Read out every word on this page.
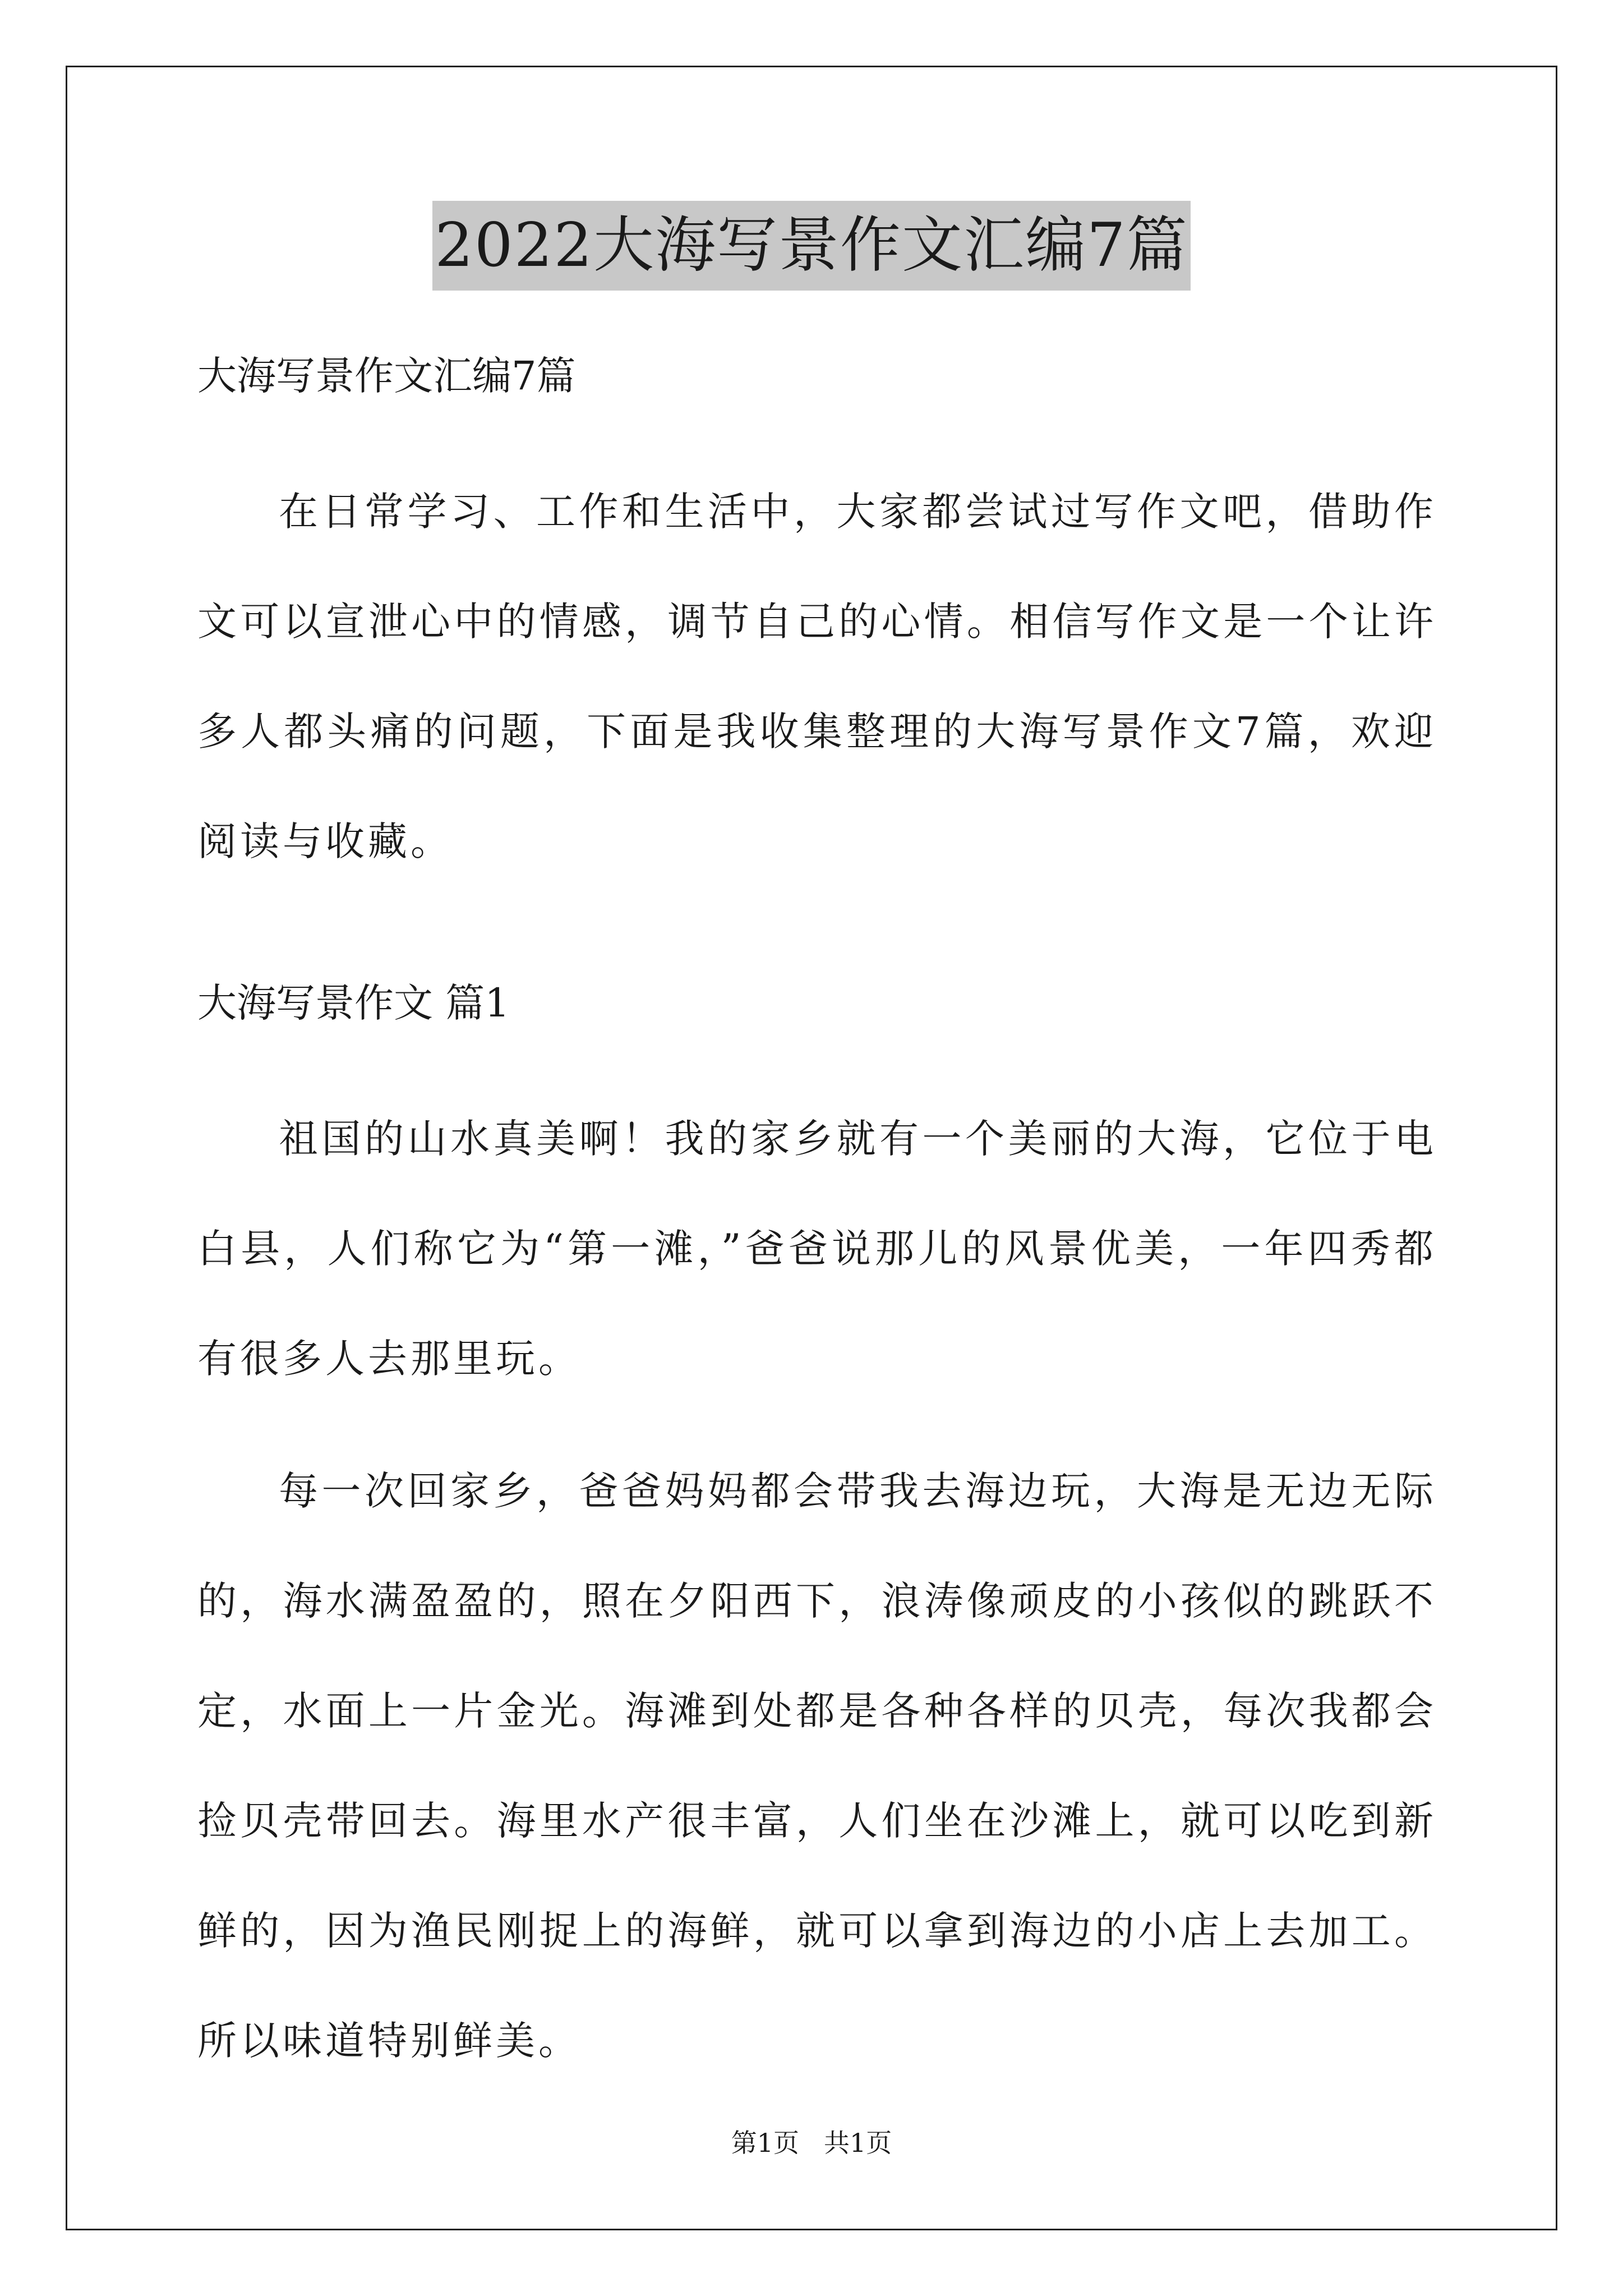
2022大海写景作文汇编7篇

大海写景作文汇编7篇

在日常学习、工作和生活中，大家都尝试过写作文吧，借助作文可以宣泄心中的情感，调节自己的心情。相信写作文是一个让许多人都头痛的问题，下面是我收集整理的大海写景作文7篇，欢迎阅读与收藏。

大海写景作文 篇1

祖国的山水真美啊！我的家乡就有一个美丽的大海，它位于电白县，人们称它为“第一滩，”爸爸说那儿的风景优美，一年四秀都有很多人去那里玩。

每一次回家乡，爸爸妈妈都会带我去海边玩，大海是无边无际的，海水满盈盈的，照在夕阳西下，浪涛像顽皮的小孩似的跳跃不定，水面上一片金光。海滩到处都是各种各样的贝壳，每次我都会捡贝壳带回去。海里水产很丰富，人们坐在沙滩上，就可以吃到新鲜的，因为渔民刚捉上的海鲜，就可以拿到海边的小店上去加工。所以味道特别鲜美。

第1页 共1页
